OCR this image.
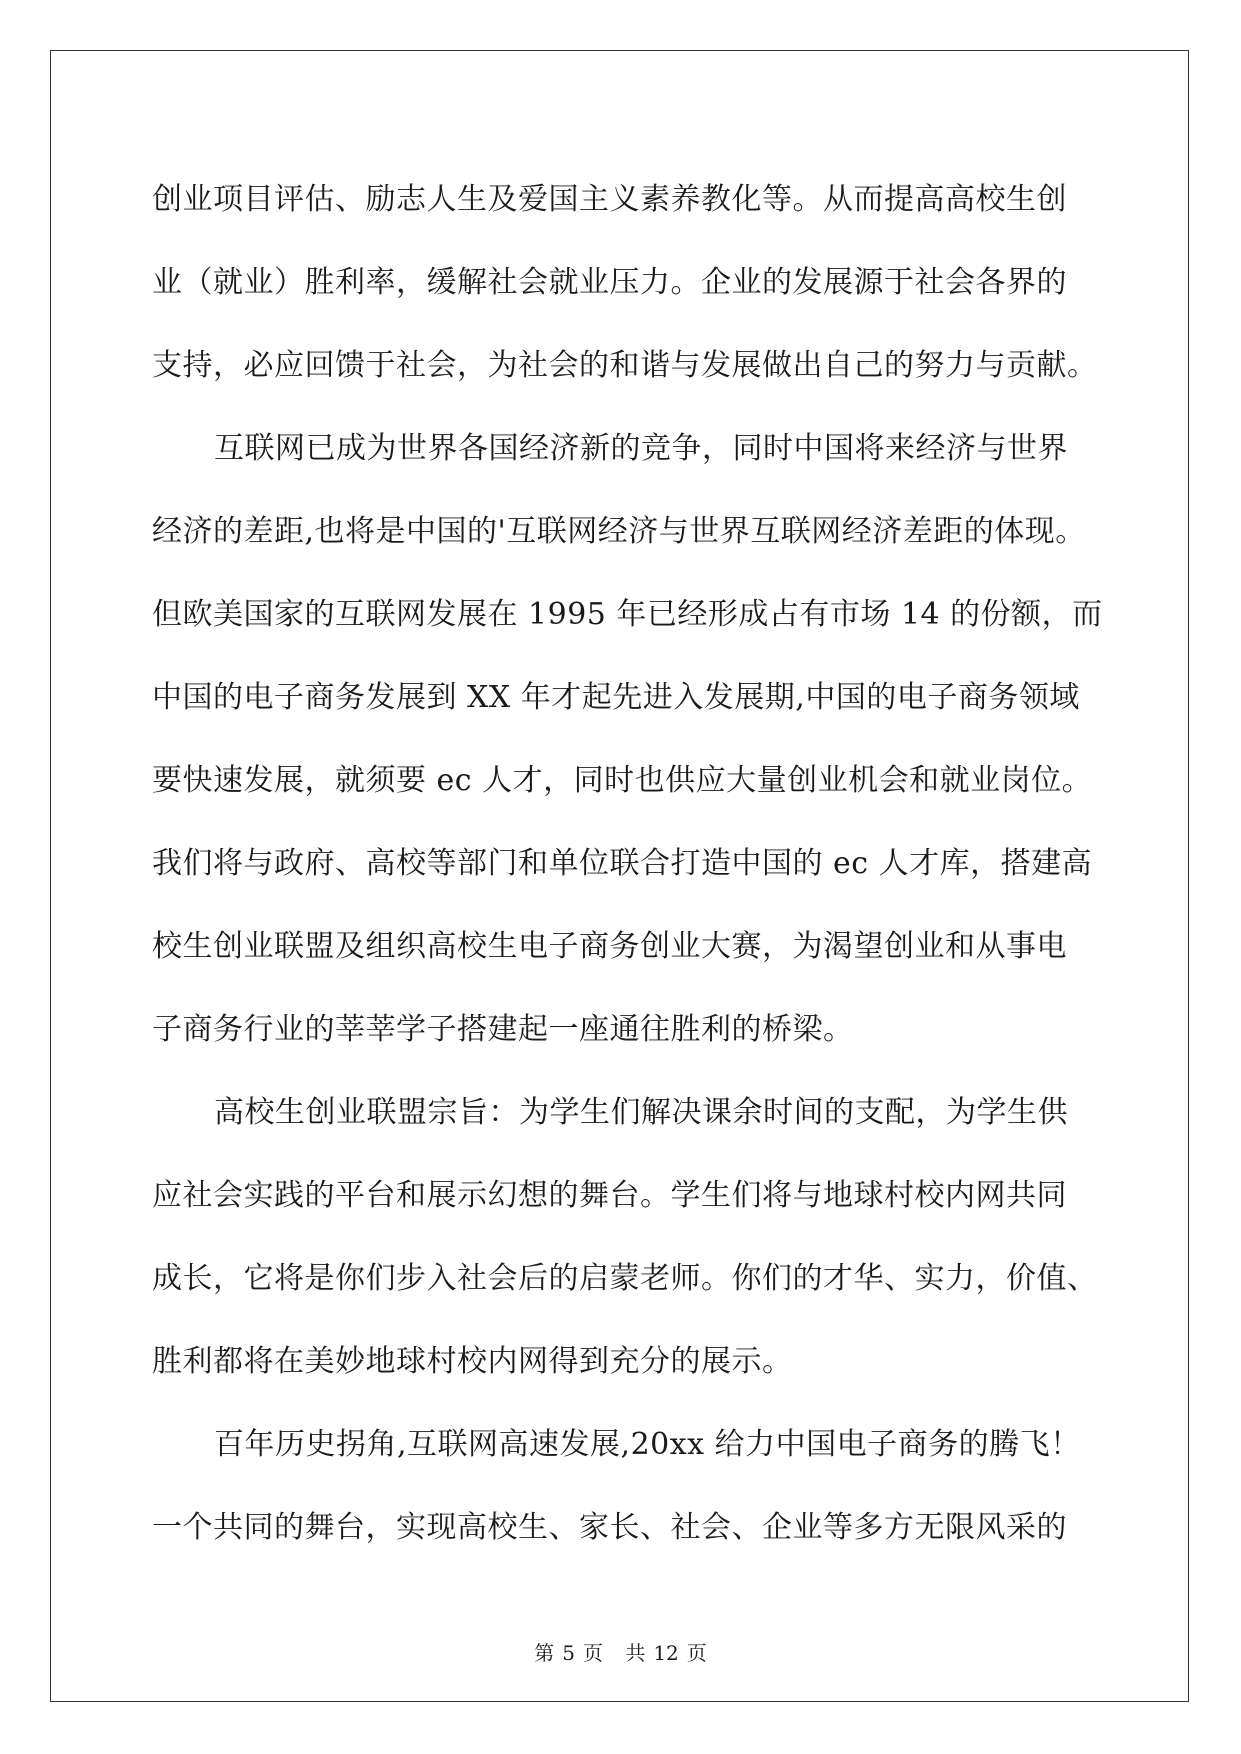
创业项目评估、励志人生及爱国主义素养教化等。从而提高高校生创
业（就业）胜利率，缓解社会就业压力。企业的发展源于社会各界的
支持，必应回馈于社会，为社会的和谐与发展做出自己的努力与贡献。
互联网已成为世界各国经济新的竞争，同时中国将来经济与世界
经济的差距,也将是中国的'互联网经济与世界互联网经济差距的体现。
但欧美国家的互联网发展在 1995 年已经形成占有市场 14 的份额，而
中国的电子商务发展到 XX 年才起先进入发展期,中国的电子商务领域
要快速发展，就须要 ec 人才，同时也供应大量创业机会和就业岗位。
我们将与政府、高校等部门和单位联合打造中国的 ec 人才库，搭建高
校生创业联盟及组织高校生电子商务创业大赛，为渴望创业和从事电
子商务行业的莘莘学子搭建起一座通往胜利的桥梁。
高校生创业联盟宗旨：为学生们解决课余时间的支配，为学生供
应社会实践的平台和展示幻想的舞台。学生们将与地球村校内网共同
成长，它将是你们步入社会后的启蒙老师。你们的才华、实力，价值、
胜利都将在美妙地球村校内网得到充分的展示。
百年历史拐角,互联网高速发展,20xx 给力中国电子商务的腾飞！
一个共同的舞台，实现高校生、家长、社会、企业等多方无限风采的
第 5 页 共 12 页
